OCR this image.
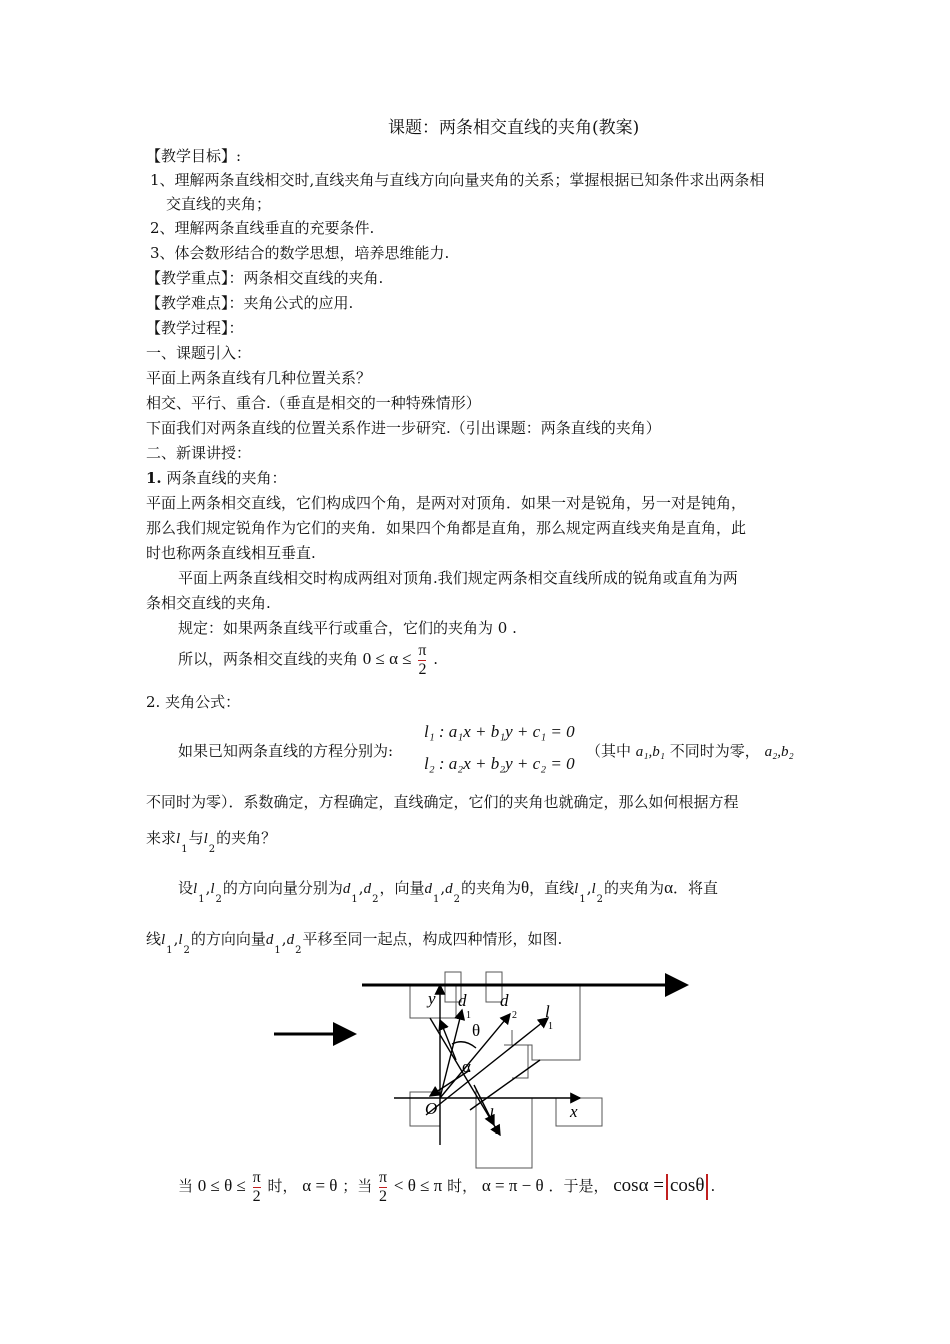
课题：两条相交直线的夹角(教案)
【教学目标】:
1、理解两条直线相交时,直线夹角与直线方向向量夹角的关系；掌握根据已知条件求出两条相
交直线的夹角；
2、理解两条直线垂直的充要条件.
3、体会数形结合的数学思想，培养思维能力.
【教学重点】：两条相交直线的夹角.
【教学难点】：夹角公式的应用.
【教学过程】：
一、课题引入：
平面上两条直线有几种位置关系？
相交、平行、重合.（垂直是相交的一种特殊情形）
下面我们对两条直线的位置关系作进一步研究.（引出课题：两条直线的夹角）
二、新课讲授：
1. 两条直线的夹角：
平面上两条相交直线，它们构成四个角，是两对对顶角．如果一对是锐角，另一对是钝角，
那么我们规定锐角作为它们的夹角．如果四个角都是直角，那么规定两直线夹角是直角，此
时也称两条直线相互垂直.
平面上两条直线相交时构成两组对顶角.我们规定两条相交直线所成的锐角或直角为两
条相交直线的夹角.
规定：如果两条直线平行或重合，它们的夹角为 0 .
所以，两条相交直线的夹角 $0 \le \alpha \le \frac{\pi}{2}$ .
2. 夹角公式：
如果已知两条直线的方程分别为:
l₁ : a₁x + b₁y + c₁ = 0
l₂ : a₂x + b₂y + c₂ = 0
（其中 a₁,b₁ 不同时为零， a₂,b₂
不同时为零）．系数确定，方程确定，直线确定，它们的夹角也就确定，那么如何根据方程
来求$l_1$与$l_2$的夹角？
设$l_1,l_2$的方向向量分别为$d_1,d_2$，向量$d_1,d_2$的夹角为θ，直线$l_1,l_2$的夹角为α．将直
线$l_1,l_2$的方向向量$d_1,d_2$平移至同一起点，构成四种情形，如图.
y d
1
d
2 l
1
θ
α
O	x
l
2
当 $0 \le \theta \le \frac{\pi}{2}$ 时， α = θ ；当 $\frac{\pi}{2} < \theta \le \pi$ 时， α = π − θ ．于是， cosα = cosθ .
